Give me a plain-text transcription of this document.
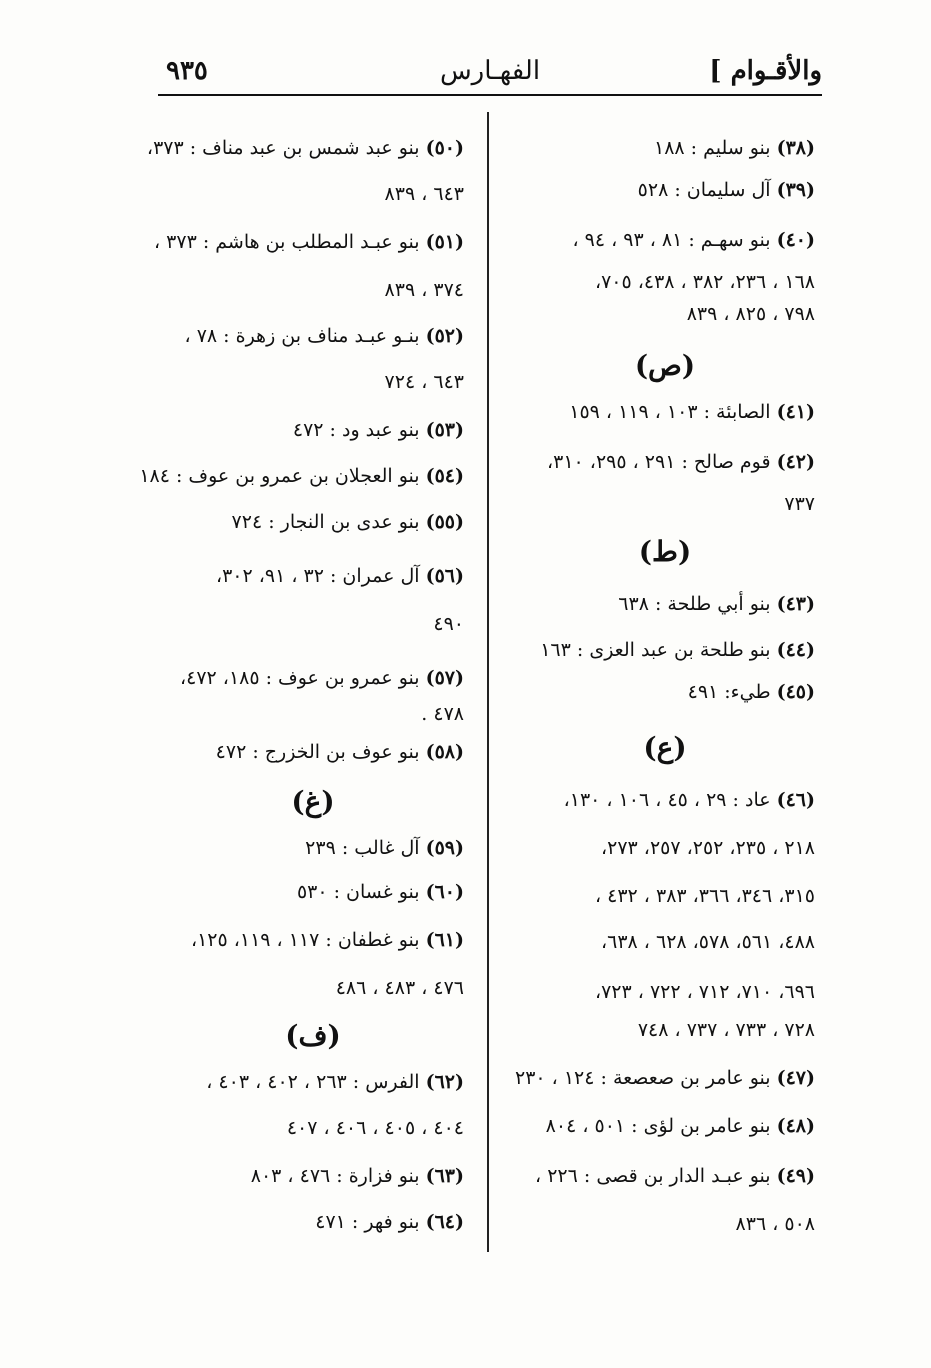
٩٣٥	الفهـارس	والأقـوام ]
(٣٨)بنو سليم : ١٨٨
(٣٩)آل سليمان : ٥٢٨
(٤٠)بنو سهـم : ٨١ ، ٩٣ ، ٩٤ ،
١٦٨ ، ٢٣٦، ٣٨٢ ، ٤٣٨، ٧٠٥،
٧٩٨ ، ٨٢٥ ، ٨٣٩
(ص)
(٤١)الصابئة : ١٠٣ ، ١١٩ ، ١٥٩
(٤٢)قوم صالح : ٢٩١ ، ٢٩٥، ٣١٠،
٧٣٧
(ط)
(٤٣)بنو أبي طلحة : ٦٣٨
(٤٤)بنو طلحة بن عبد العزى : ١٦٣
(٤٥)طيء: ٤٩١
(ع)
(٤٦)عاد : ٢٩ ، ٤٥ ، ١٠٦ ، ١٣٠،
٢١٨ ، ٢٣٥، ٢٥٢، ٢٥٧، ٢٧٣،
٣١٥، ٣٤٦، ٣٦٦، ٣٨٣ ، ٤٣٢ ،
٤٨٨، ٥٦١، ٥٧٨، ٦٢٨ ، ٦٣٨،
٦٩٦، ٧١٠، ٧١٢ ، ٧٢٢ ، ٧٢٣،
٧٢٨ ، ٧٣٣ ، ٧٣٧ ، ٧٤٨
(٤٧)بنو عامر بن صعصعة : ١٢٤ ، ٢٣٠
(٤٨)بنو عامر بن لؤى : ٥٠١ ، ٨٠٤
(٤٩)بنو عبـد الدار بن قصى : ٢٢٦ ،
٥٠٨ ، ٨٣٦
(٥٠)بنو عبد شمس بن عبد مناف : ٣٧٣،
٦٤٣ ، ٨٣٩
(٥١)بنو عبـد المطلب بن هاشم : ٣٧٣ ،
٣٧٤ ، ٨٣٩
(٥٢)بنـو عبـد مناف بن زهرة : ٧٨ ،
٦٤٣ ، ٧٢٤
(٥٣)بنو عبد ود : ٤٧٢
(٥٤)بنو العجلان بن عمرو بن عوف : ١٨٤
(٥٥)بنو عدى بن النجار : ٧٢٤
(٥٦)آل عمران : ٣٢ ، ٩١، ٣٠٢،
٤٩٠
(٥٧)بنو عمرو بن عوف : ١٨٥، ٤٧٢،
٤٧٨ .
(٥٨)بنو عوف بن الخزرج : ٤٧٢
(غ)
(٥٩)آل غالب : ٢٣٩
(٦٠)بنو غسان : ٥٣٠
(٦١)بنو غطفان : ١١٧ ، ١١٩، ١٢٥،
٤٧٦ ، ٤٨٣ ، ٤٨٦
(ف)
(٦٢)الفرس : ٢٦٣ ، ٤٠٢ ، ٤٠٣ ،
٤٠٤ ، ٤٠٥ ، ٤٠٦ ، ٤٠٧
(٦٣)بنو فزارة : ٤٧٦ ، ٨٠٣
(٦٤)بنو فهر : ٤٧١
